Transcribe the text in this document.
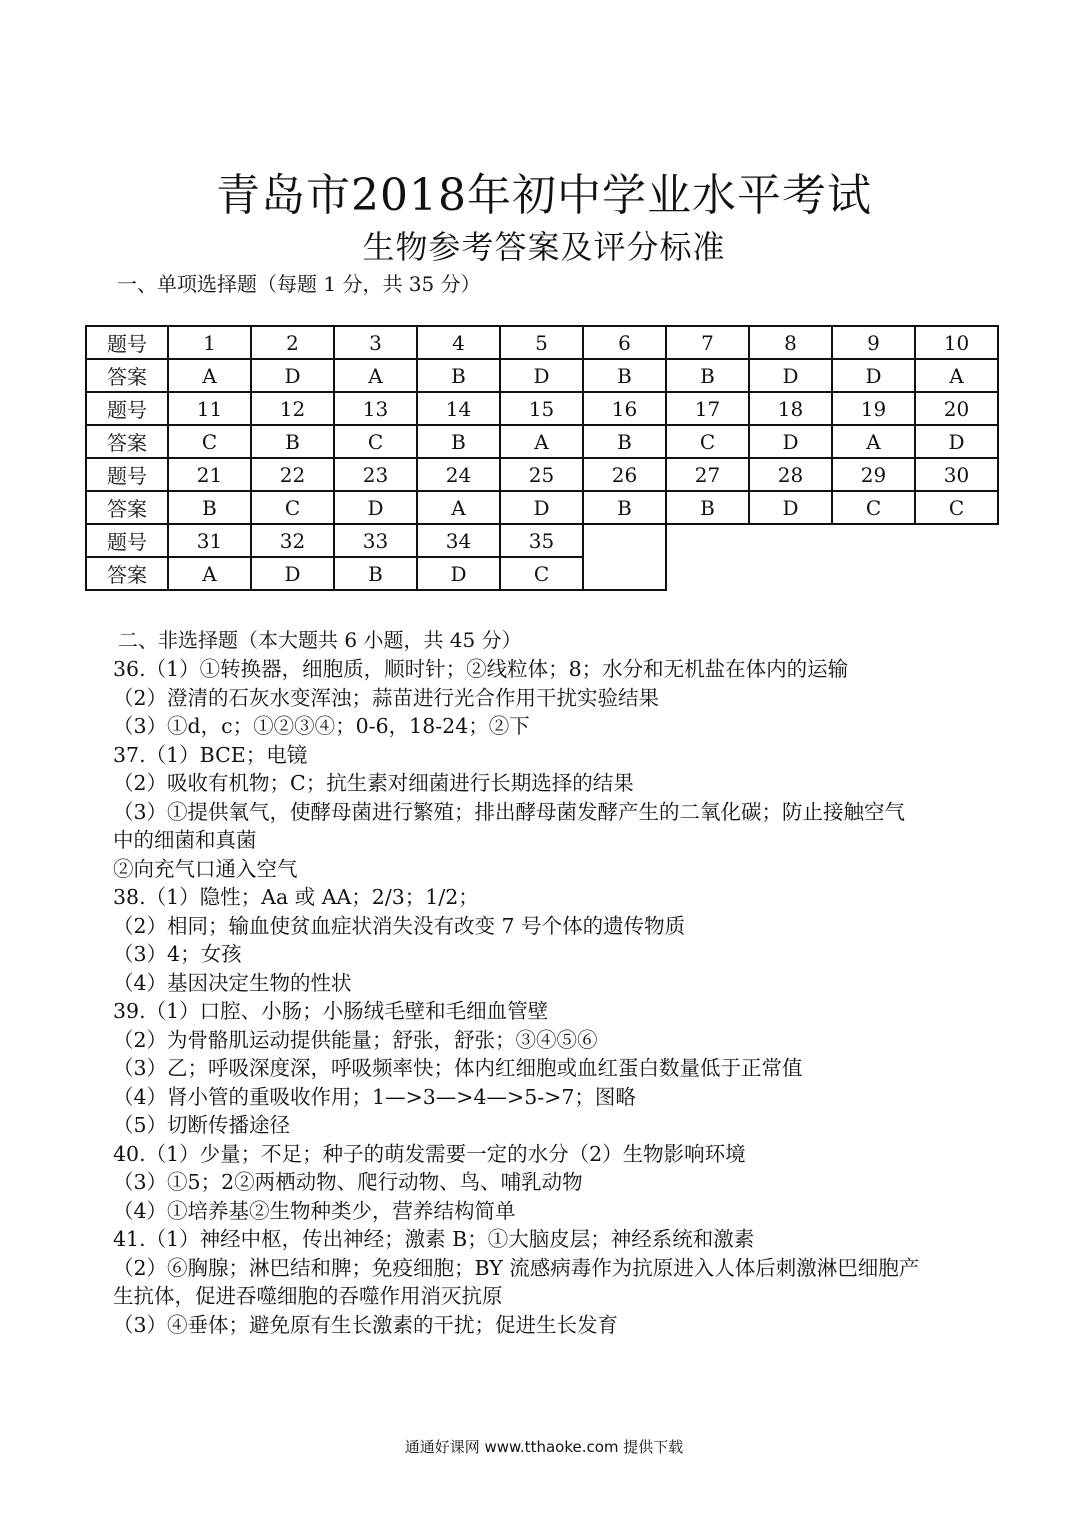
青岛市2018年初中学业水平考试
生物参考答案及评分标准
一、单项选择题（每题 1 分，共 35 分）
题号	1	2	3	4	5	6	7	8	9	10
答案	A	D	A	B	D	B	B	D	D	A
题号	11	12	13	14	15	16	17	18	19	20
答案	C	B	C	B	A	B	C	D	A	D
题号	21	22	23	24	25	26	27	28	29	30
答案	B	C	D	A	D	B	B	D	C	C
题号	31	32	33	34	35					
答案	A	D	B	D	C					
二、非选择题（本大题共 6 小题，共 45 分）
36.（1）①转换器，细胞质，顺时针；②线粒体；8；水分和无机盐在体内的运输
（2）澄清的石灰水变浑浊；蒜苗进行光合作用干扰实验结果
（3）①d，c；①②③④；0-6，18-24；②下
37.（1）BCE；电镜
（2）吸收有机物；C；抗生素对细菌进行长期选择的结果
（3）①提供氧气，使酵母菌进行繁殖；排出酵母菌发酵产生的二氧化碳；防止接触空气
中的细菌和真菌
②向充气口通入空气
38.（1）隐性；Aa 或 AA；2/3；1/2；
（2）相同；输血使贫血症状消失没有改变 7 号个体的遗传物质
（3）4；女孩
（4）基因决定生物的性状
39.（1）口腔、小肠；小肠绒毛壁和毛细血管壁
（2）为骨骼肌运动提供能量；舒张，舒张；③④⑤⑥
（3）乙；呼吸深度深，呼吸频率快；体内红细胞或血红蛋白数量低于正常值
（4）肾小管的重吸收作用；1—>3—>4—>5->7；图略
（5）切断传播途径
40.（1）少量；不足；种子的萌发需要一定的水分（2）生物影响环境
（3）①5；2②两栖动物、爬行动物、鸟、哺乳动物
（4）①培养基②生物种类少，营养结构简单
41.（1）神经中枢，传出神经；激素 B；①大脑皮层；神经系统和激素
（2）⑥胸腺；淋巴结和脾；免疫细胞；BY 流感病毒作为抗原进入人体后刺激淋巴细胞产
生抗体，促进吞噬细胞的吞噬作用消灭抗原
（3）④垂体；避免原有生长激素的干扰；促进生长发育
通通好课网 www.tthaoke.com 提供下载
